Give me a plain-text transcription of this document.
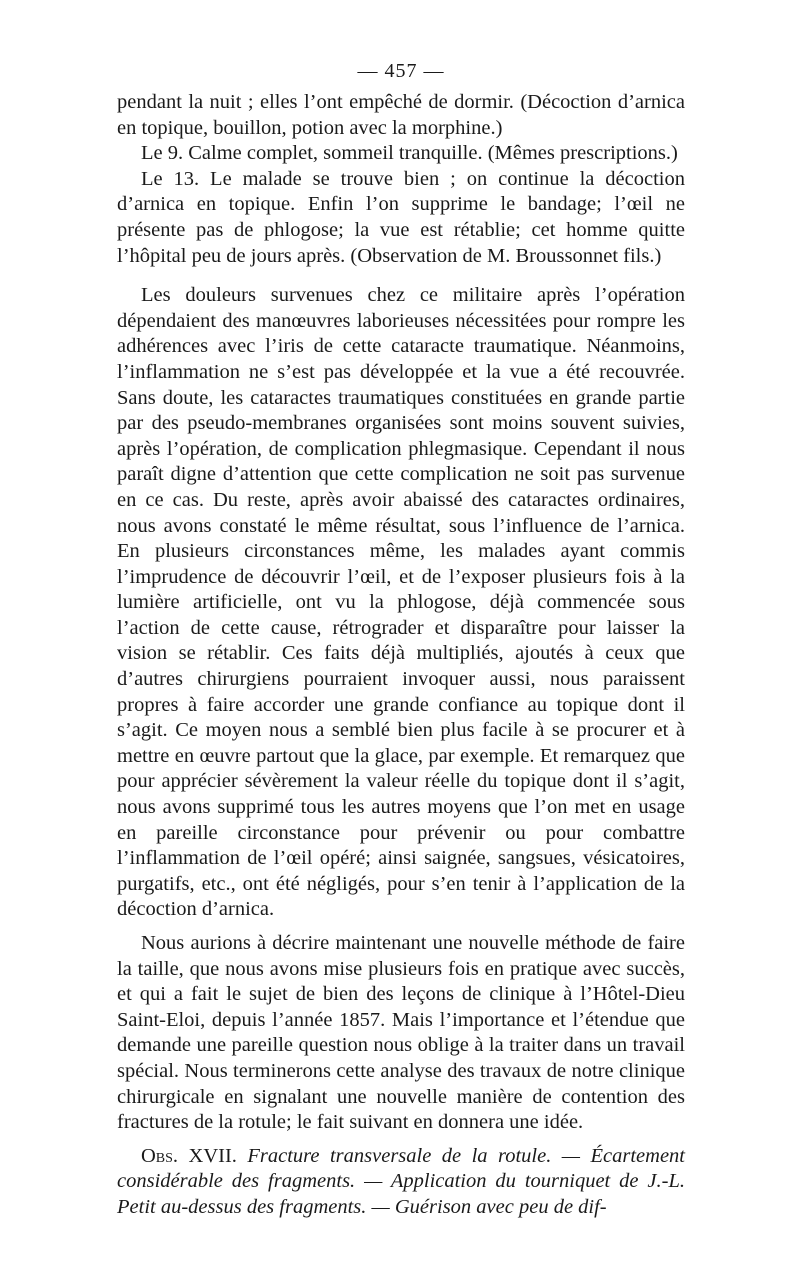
— 457 —

pendant la nuit ; elles l’ont empêché de dormir. (Décoction d’arnica en topique, bouillon, potion avec la morphine.)

Le 9. Calme complet, sommeil tranquille. (Mêmes prescriptions.)

Le 13. Le malade se trouve bien ; on continue la décoction d’arnica en topique. Enfin l’on supprime le bandage; l’œil ne présente pas de phlogose; la vue est rétablie; cet homme quitte l’hôpital peu de jours après. (Observation de M. Broussonnet fils.)

Les douleurs survenues chez ce militaire après l’opération dépendaient des manœuvres laborieuses nécessitées pour rompre les adhérences avec l’iris de cette cataracte traumatique. Néanmoins, l’inflammation ne s’est pas développée et la vue a été recouvrée. Sans doute, les cataractes traumatiques constituées en grande partie par des pseudo-membranes organisées sont moins souvent suivies, après l’opération, de complication phlegmasique. Cependant il nous paraît digne d’attention que cette complication ne soit pas survenue en ce cas. Du reste, après avoir abaissé des cataractes ordinaires, nous avons constaté le même résultat, sous l’influence de l’arnica. En plusieurs circonstances même, les malades ayant commis l’imprudence de découvrir l’œil, et de l’exposer plusieurs fois à la lumière artificielle, ont vu la phlogose, déjà commencée sous l’action de cette cause, rétrograder et disparaître pour laisser la vision se rétablir. Ces faits déjà multipliés, ajoutés à ceux que d’autres chirurgiens pourraient invoquer aussi, nous paraissent propres à faire accorder une grande confiance au topique dont il s’agit. Ce moyen nous a semblé bien plus facile à se procurer et à mettre en œuvre partout que la glace, par exemple. Et remarquez que pour apprécier sévèrement la valeur réelle du topique dont il s’agit, nous avons supprimé tous les autres moyens que l’on met en usage en pareille circonstance pour prévenir ou pour combattre l’inflammation de l’œil opéré; ainsi saignée, sangsues, vésicatoires, purgatifs, etc., ont été négligés, pour s’en tenir à l’application de la décoction d’arnica.

Nous aurions à décrire maintenant une nouvelle méthode de faire la taille, que nous avons mise plusieurs fois en pratique avec succès, et qui a fait le sujet de bien des leçons de clinique à l’Hôtel-Dieu Saint-Eloi, depuis l’année 1857. Mais l’importance et l’étendue que demande une pareille question nous oblige à la traiter dans un travail spécial. Nous terminerons cette analyse des travaux de notre clinique chirurgicale en signalant une nouvelle manière de contention des fractures de la rotule; le fait suivant en donnera une idée.

Obs. XVII. Fracture transversale de la rotule. — Écartement considérable des fragments. — Application du tourniquet de J.-L. Petit au-dessus des fragments. — Guérison avec peu de dif-
